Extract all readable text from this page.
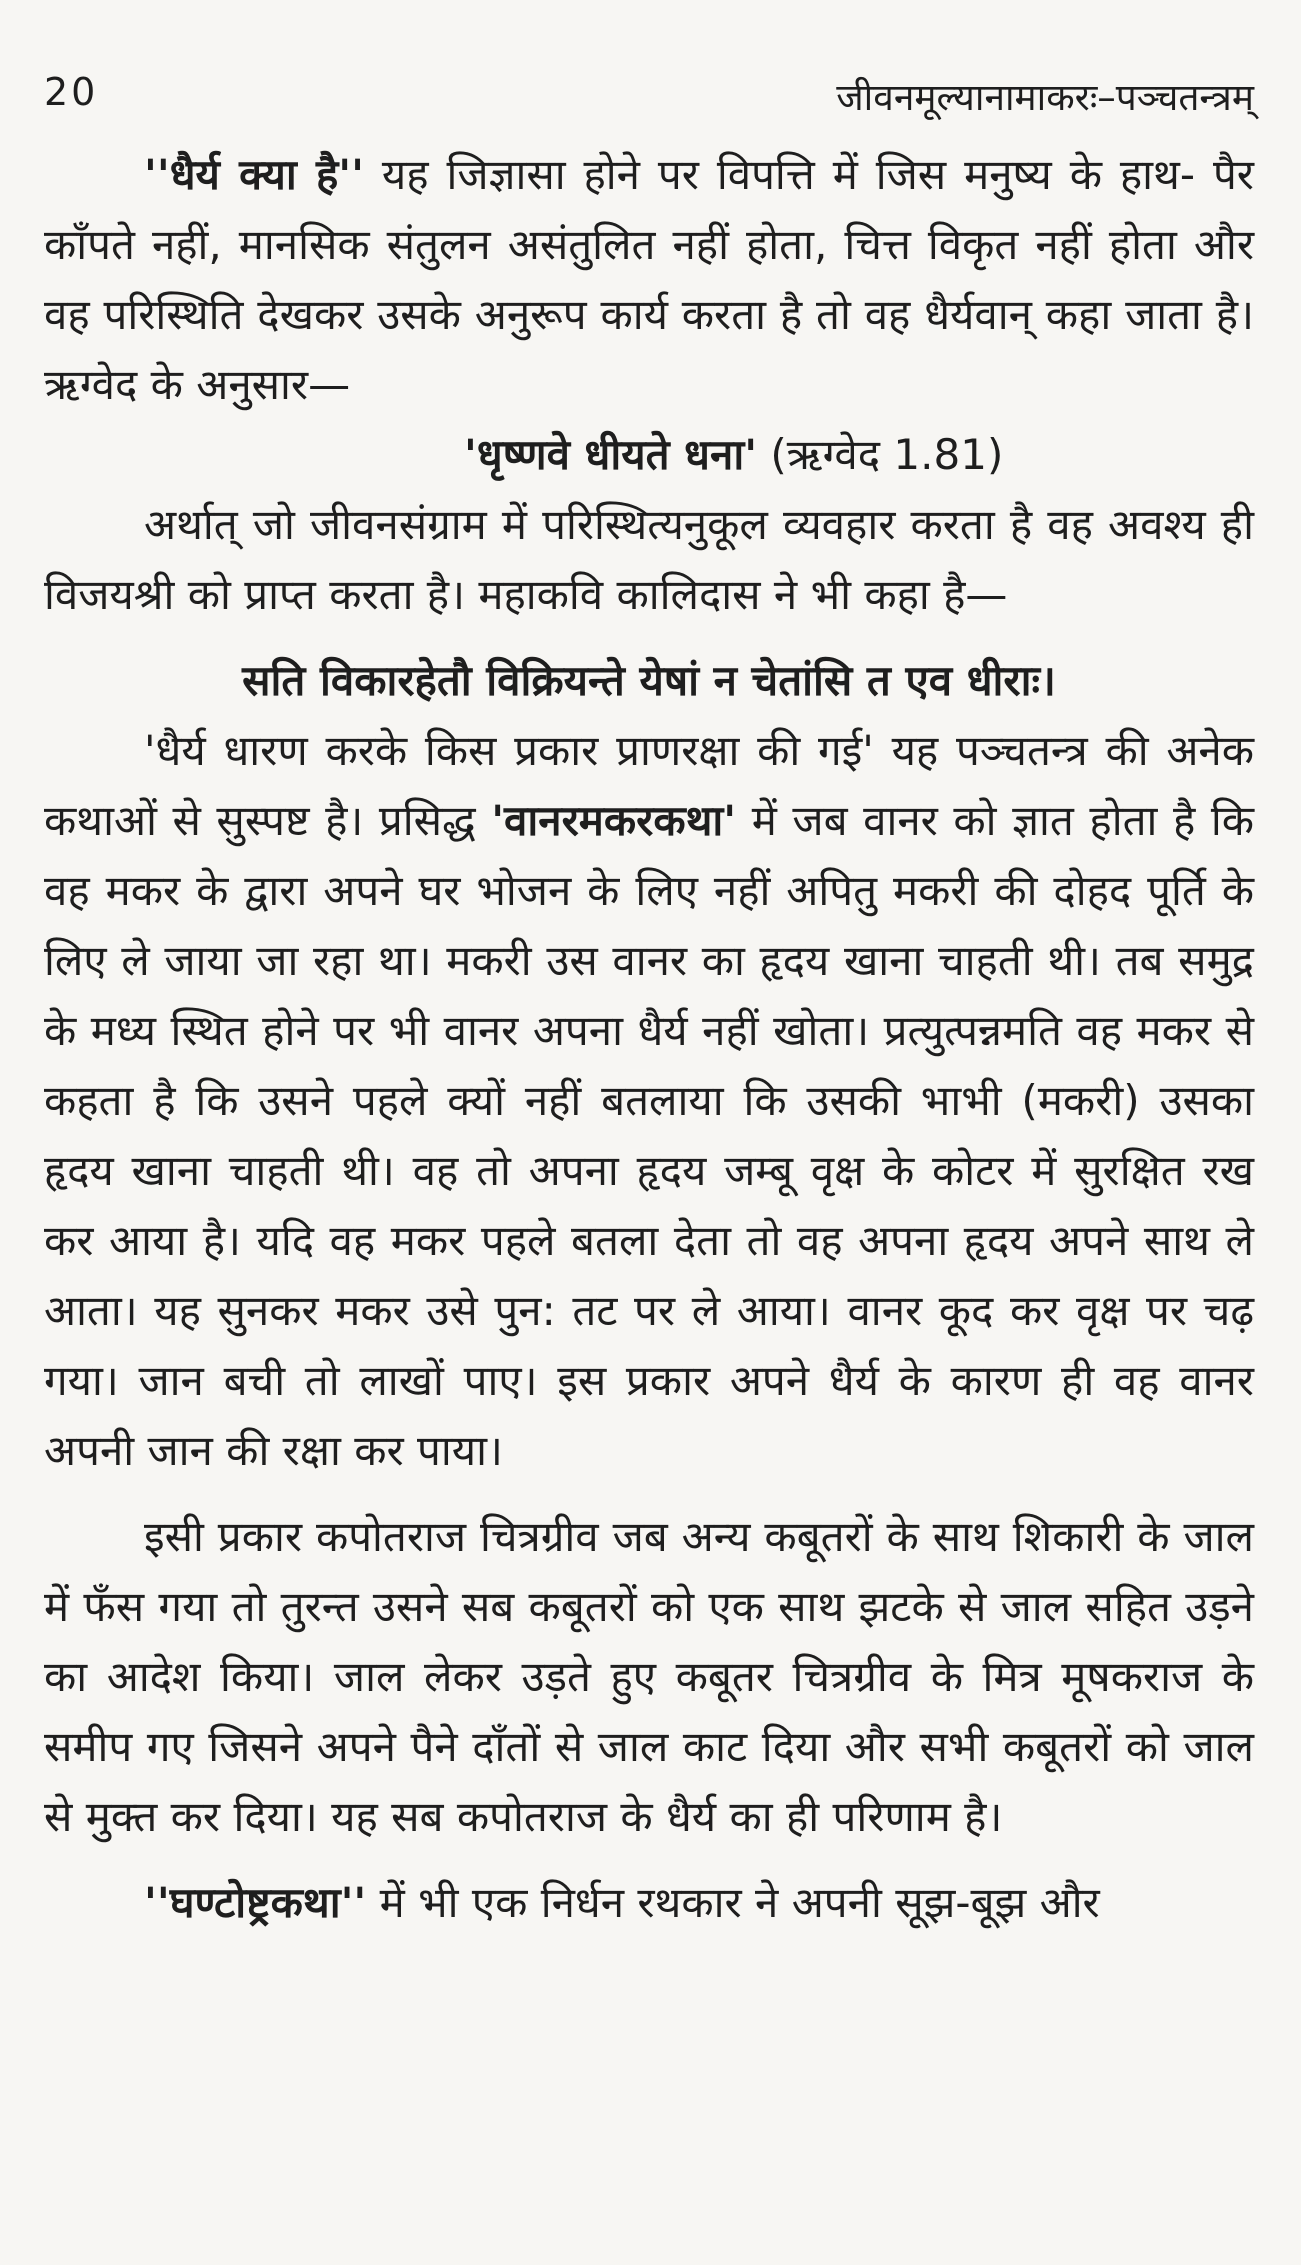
20	जीवनमूल्यानामाकरः–पञ्चतन्त्रम्

''धैर्य क्या है'' यह जिज्ञासा होने पर विपत्ति में जिस मनुष्य के हाथ- पैर काँपते नहीं, मानसिक संतुलन असंतुलित नहीं होता, चित्त विकृत नहीं होता और वह परिस्थिति देखकर उसके अनुरूप कार्य करता है तो वह धैर्यवान् कहा जाता है। ऋग्वेद के अनुसार—

'धृष्णवे धीयते धना' (ऋग्वेद 1.81)

अर्थात् जो जीवनसंग्राम में परिस्थित्यनुकूल व्यवहार करता है वह अवश्य ही विजयश्री को प्राप्त करता है। महाकवि कालिदास ने भी कहा है—

सति विकारहेतौ विक्रियन्ते येषां न चेतांसि त एव धीराः।

'धैर्य धारण करके किस प्रकार प्राणरक्षा की गई' यह पञ्चतन्त्र की अनेक कथाओं से सुस्पष्ट है। प्रसिद्ध 'वानरमकरकथा' में जब वानर को ज्ञात होता है कि वह मकर के द्वारा अपने घर भोजन के लिए नहीं अपितु मकरी की दोहद पूर्ति के लिए ले जाया जा रहा था। मकरी उस वानर का हृदय खाना चाहती थी। तब समुद्र के मध्य स्थित होने पर भी वानर अपना धैर्य नहीं खोता। प्रत्युत्पन्नमति वह मकर से कहता है कि उसने पहले क्यों नहीं बतलाया कि उसकी भाभी (मकरी) उसका हृदय खाना चाहती थी। वह तो अपना हृदय जम्बू वृक्ष के कोटर में सुरक्षित रख कर आया है। यदि वह मकर पहले बतला देता तो वह अपना हृदय अपने साथ ले आता। यह सुनकर मकर उसे पुन: तट पर ले आया। वानर कूद कर वृक्ष पर चढ़ गया। जान बची तो लाखों पाए। इस प्रकार अपने धैर्य के कारण ही वह वानर अपनी जान की रक्षा कर पाया।

इसी प्रकार कपोतराज चित्रग्रीव जब अन्य कबूतरों के साथ शिकारी के जाल में फँस गया तो तुरन्त उसने सब कबूतरों को एक साथ झटके से जाल सहित उड़ने का आदेश किया। जाल लेकर उड़ते हुए कबूतर चित्रग्रीव के मित्र मूषकराज के समीप गए जिसने अपने पैने दाँतों से जाल काट दिया और सभी कबूतरों को जाल से मुक्त कर दिया। यह सब कपोतराज के धैर्य का ही परिणाम है।

''घण्टोष्ट्रकथा'' में भी एक निर्धन रथकार ने अपनी सूझ-बूझ और
